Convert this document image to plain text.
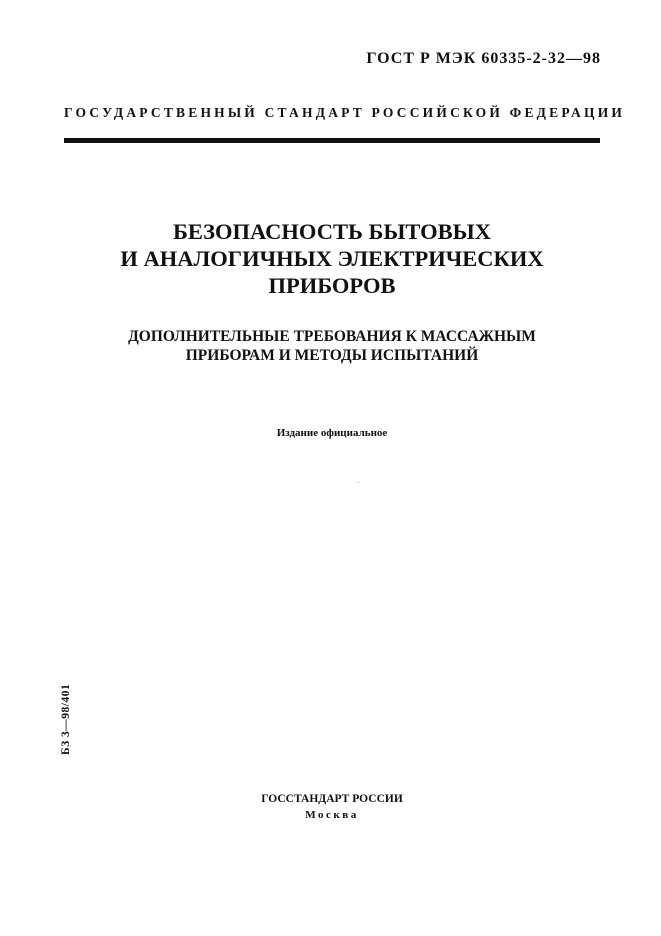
ГОСТ Р МЭК 60335-2-32—98
ГОСУДАРСТВЕННЫЙ СТАНДАРТ РОССИЙСКОЙ ФЕДЕРАЦИИ
БЕЗОПАСНОСТЬ БЫТОВЫХ
И АНАЛОГИЧНЫХ ЭЛЕКТРИЧЕСКИХ
ПРИБОРОВ
ДОПОЛНИТЕЛЬНЫЕ ТРЕБОВАНИЯ К МАССАЖНЫМ
ПРИБОРАМ И МЕТОДЫ ИСПЫТАНИЙ
Издание официальное
БЗ 3—98/401
ГОССТАНДАРТ РОССИИ
Москва
